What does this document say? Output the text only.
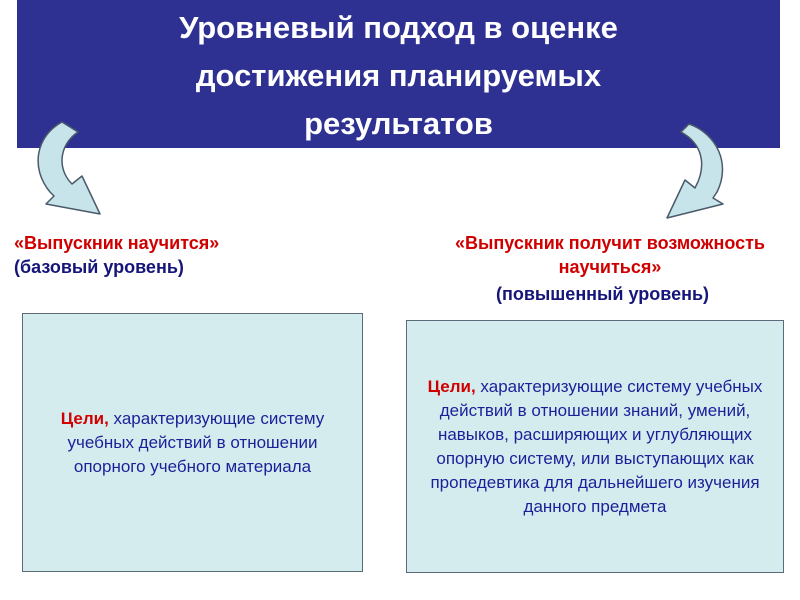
Уровневый подход в оценке
достижения планируемых
результатов
«Выпускник научится»
(базовый уровень)
«Выпускник получит возможность научиться»
(повышенный уровень)
Цели, характеризующие систему учебных действий в отношении опорного учебного материала
Цели, характеризующие систему учебных действий в отношении знаний, умений, навыков, расширяющих и углубляющих опорную систему, или выступающих как пропедевтика для дальнейшего изучения данного предмета
